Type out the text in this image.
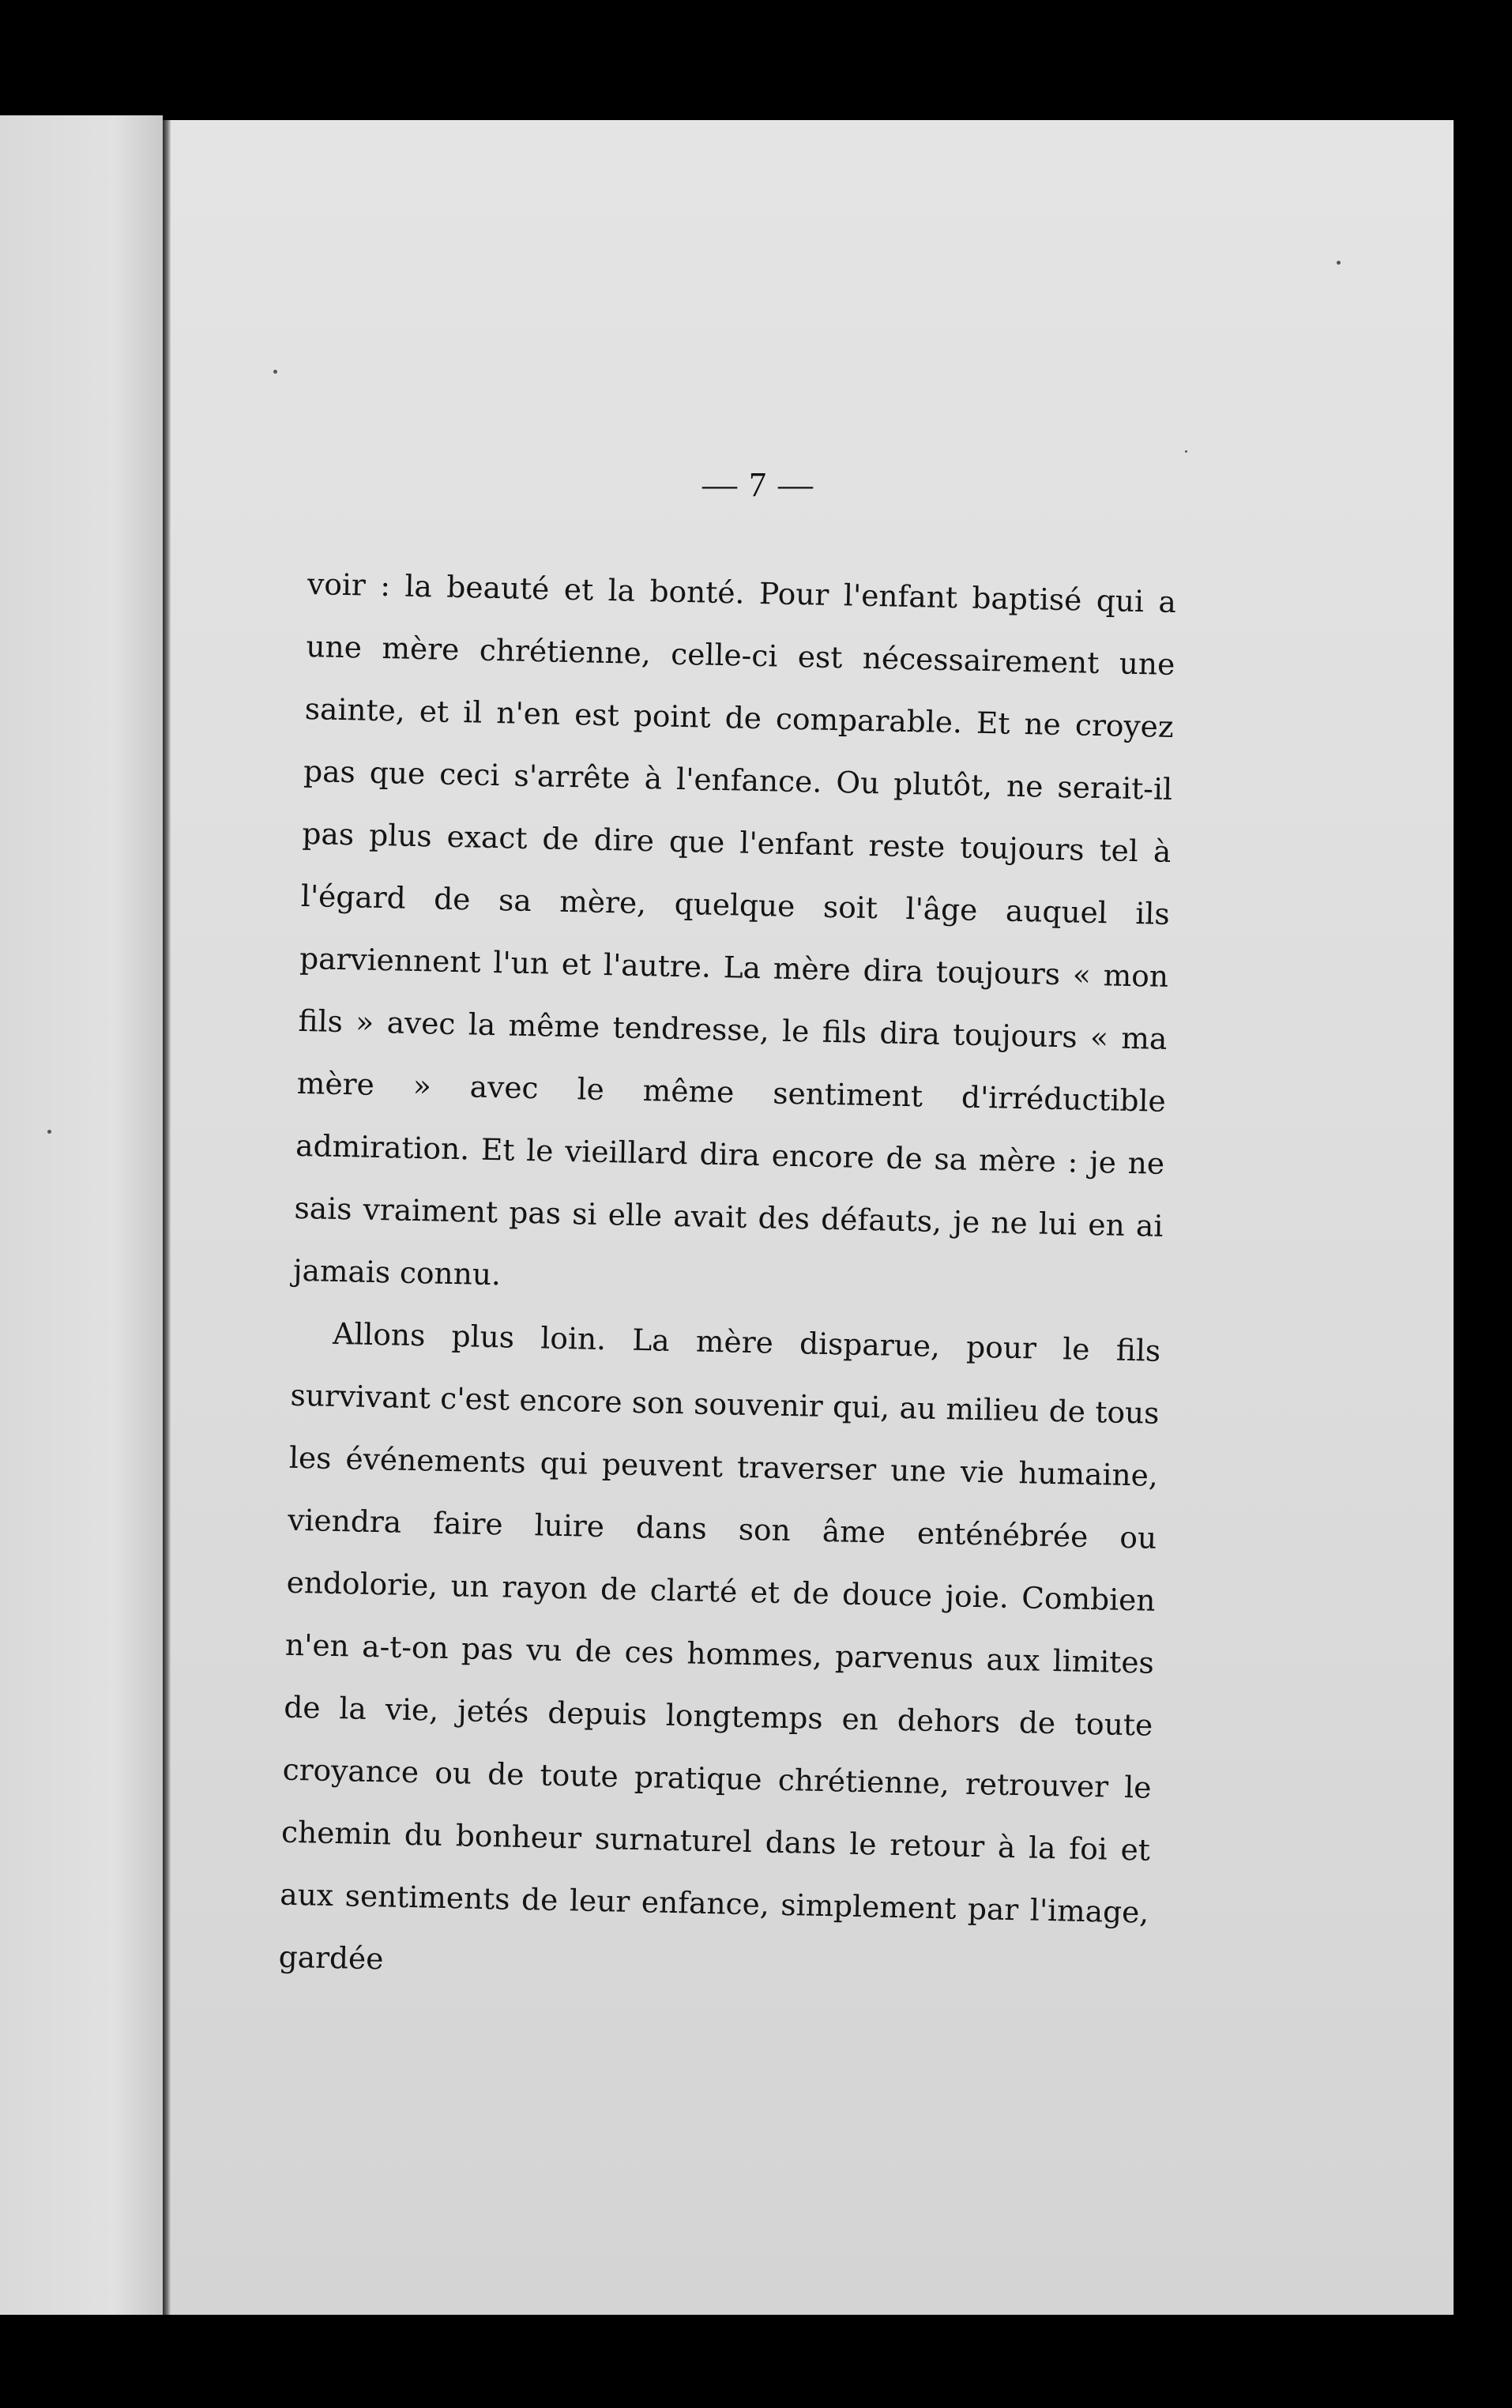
— 7 —

voir : la beauté et la bonté. Pour l'enfant baptisé qui a une mère chrétienne, celle-ci est nécessairement une sainte, et il n'en est point de comparable. Et ne croyez pas que ceci s'arrête à l'enfance. Ou plutôt, ne serait-il pas plus exact de dire que l'enfant reste toujours tel à l'égard de sa mère, quelque soit l'âge auquel ils parviennent l'un et l'autre. La mère dira toujours « mon fils » avec la même tendresse, le fils dira toujours « ma mère » avec le même sentiment d'irréductible admiration. Et le vieillard dira encore de sa mère : je ne sais vraiment pas si elle avait des défauts, je ne lui en ai jamais connu.

Allons plus loin. La mère disparue, pour le fils survivant c'est encore son souvenir qui, au milieu de tous les événements qui peuvent traverser une vie humaine, viendra faire luire dans son âme enténébrée ou endolorie, un rayon de clarté et de douce joie. Combien n'en a-t-on pas vu de ces hommes, parvenus aux limites de la vie, jetés depuis longtemps en dehors de toute croyance ou de toute pratique chrétienne, retrouver le chemin du bonheur surnaturel dans le retour à la foi et aux sentiments de leur enfance, simplement par l'image, gardée
